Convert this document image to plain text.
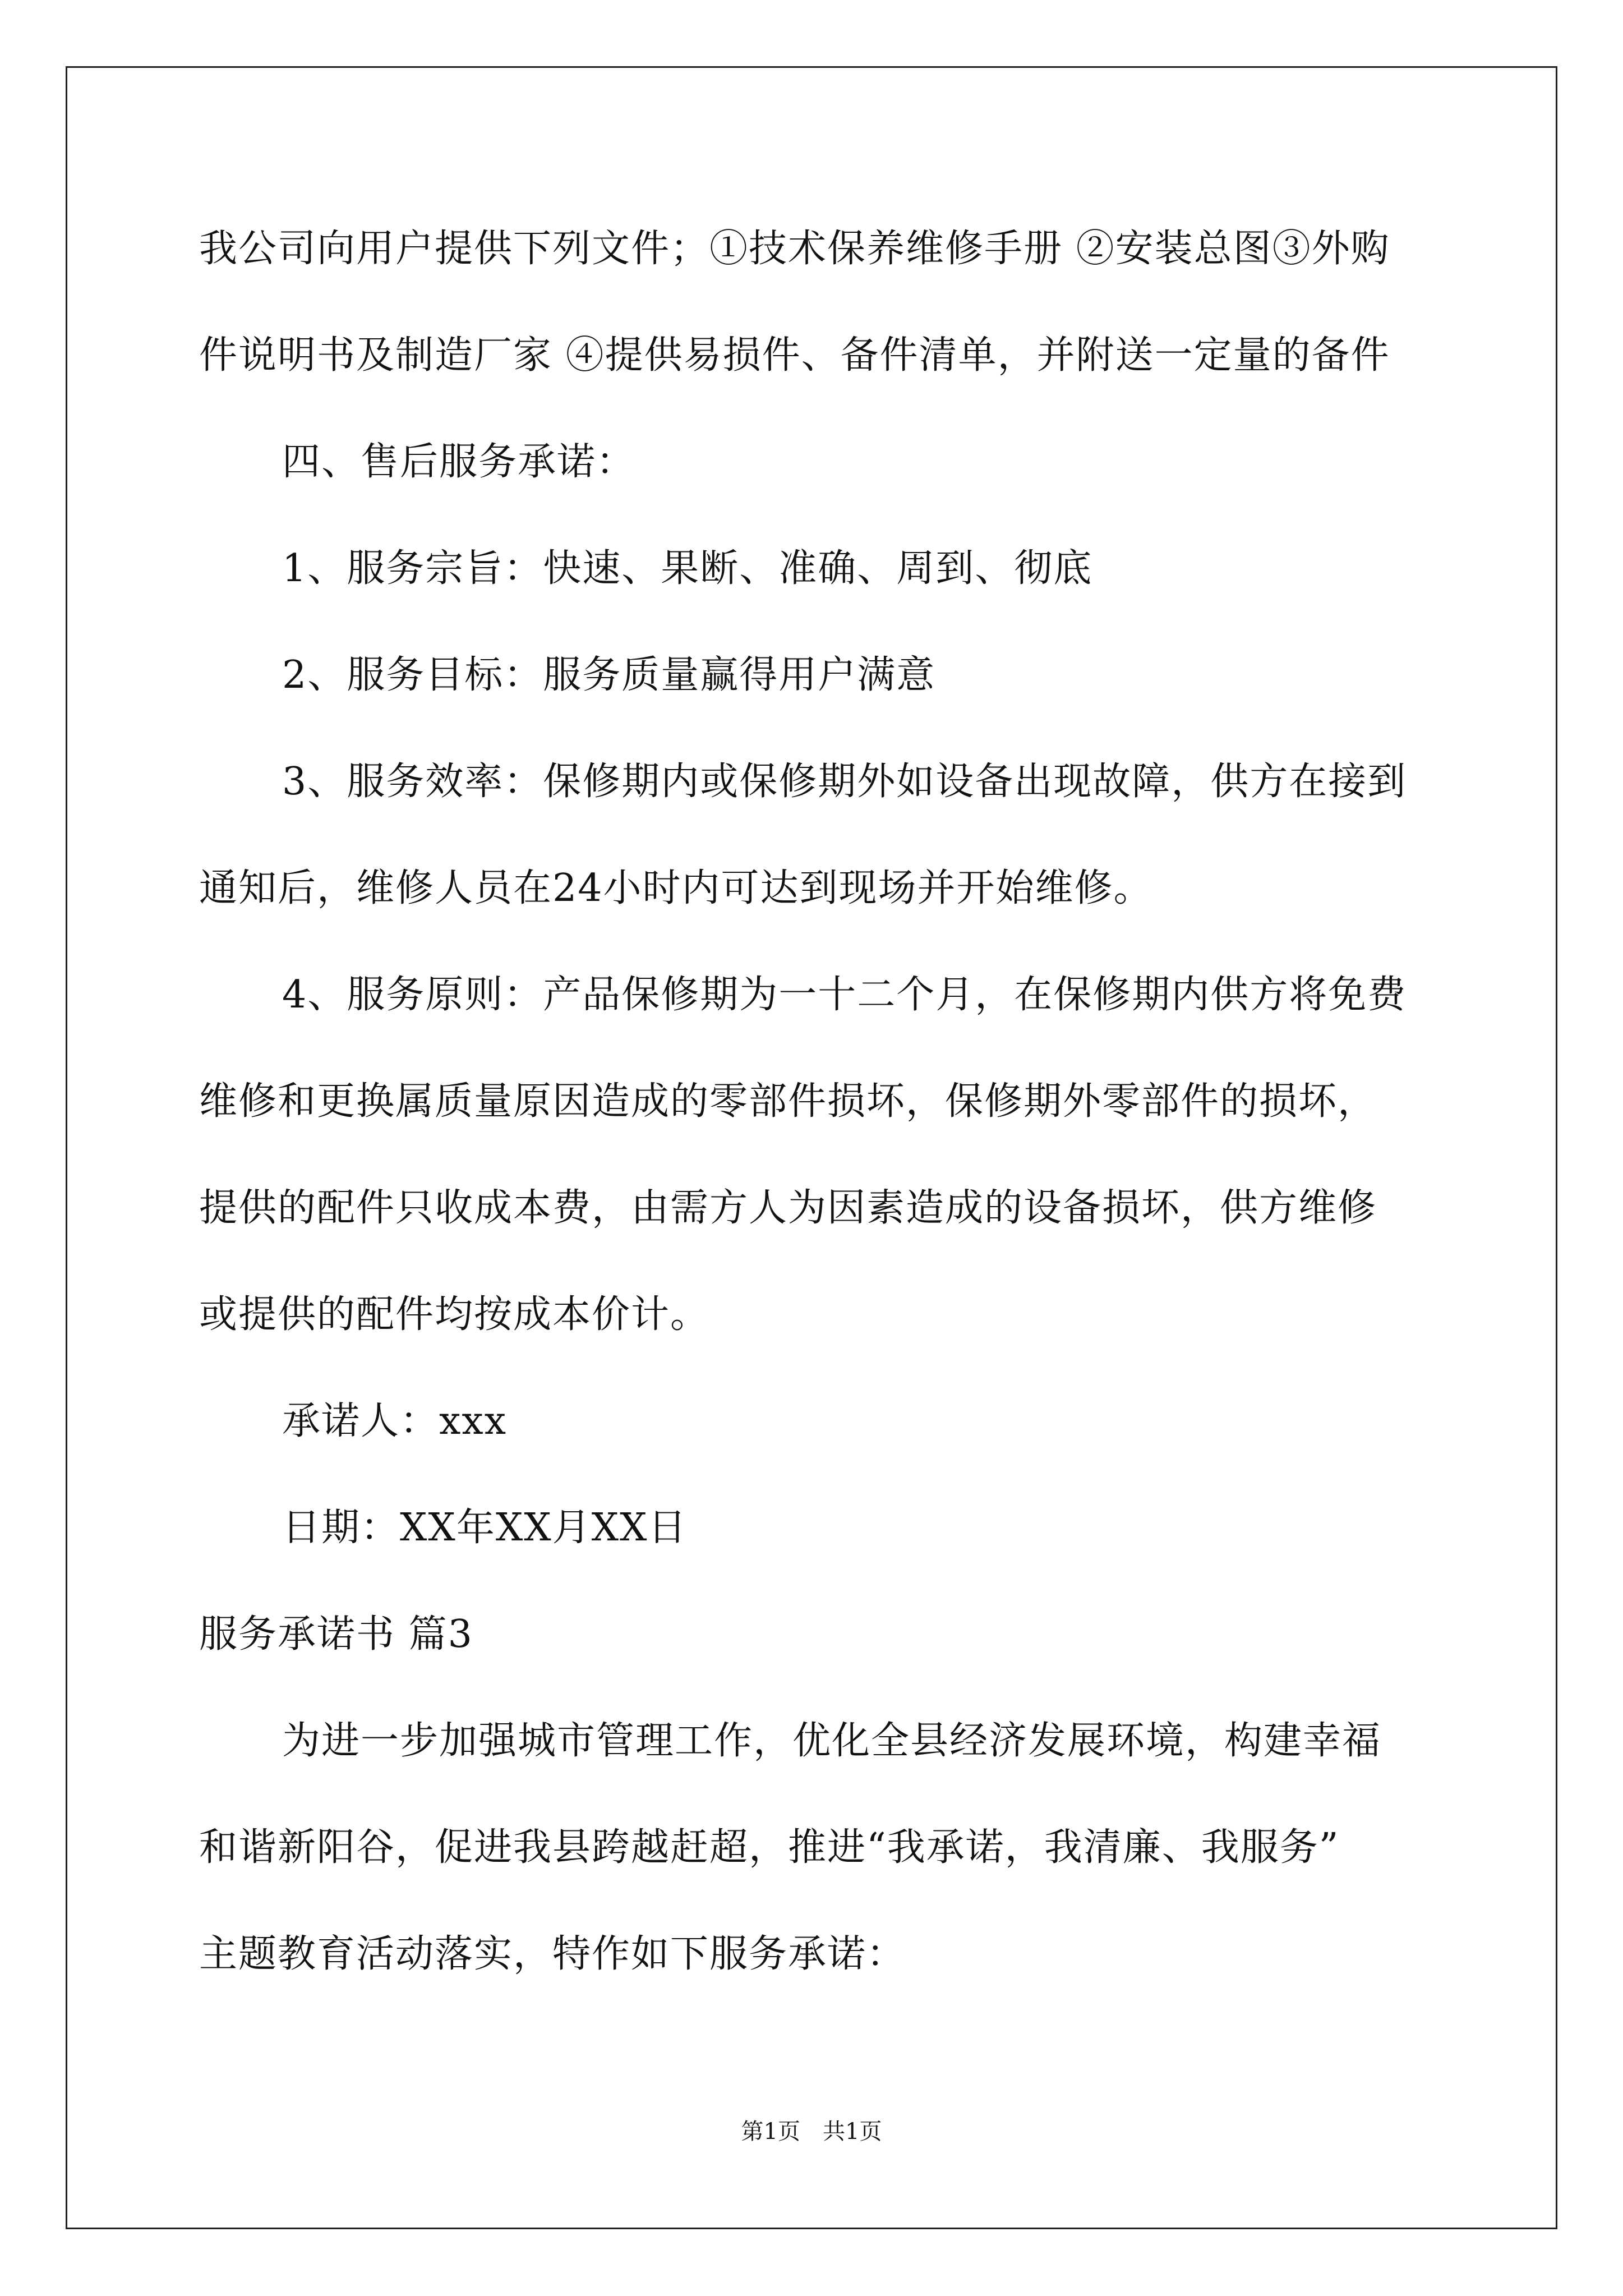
我公司向用户提供下列文件；①技术保养维修手册 ②安装总图③外购
件说明书及制造厂家 ④提供易损件、备件清单，并附送一定量的备件
四、售后服务承诺：
1、服务宗旨：快速、果断、准确、周到、彻底
2、服务目标：服务质量赢得用户满意
3、服务效率：保修期内或保修期外如设备出现故障，供方在接到
通知后，维修人员在24小时内可达到现场并开始维修。
4、服务原则：产品保修期为一十二个月，在保修期内供方将免费
维修和更换属质量原因造成的零部件损坏，保修期外零部件的损坏，
提供的配件只收成本费，由需方人为因素造成的设备损坏，供方维修
或提供的配件均按成本价计。
承诺人：xxx
日期：XX年XX月XX日
服务承诺书 篇3
为进一步加强城市管理工作，优化全县经济发展环境，构建幸福
和谐新阳谷，促进我县跨越赶超，推进“我承诺，我清廉、我服务”
主题教育活动落实，特作如下服务承诺：
第1页　共1页
